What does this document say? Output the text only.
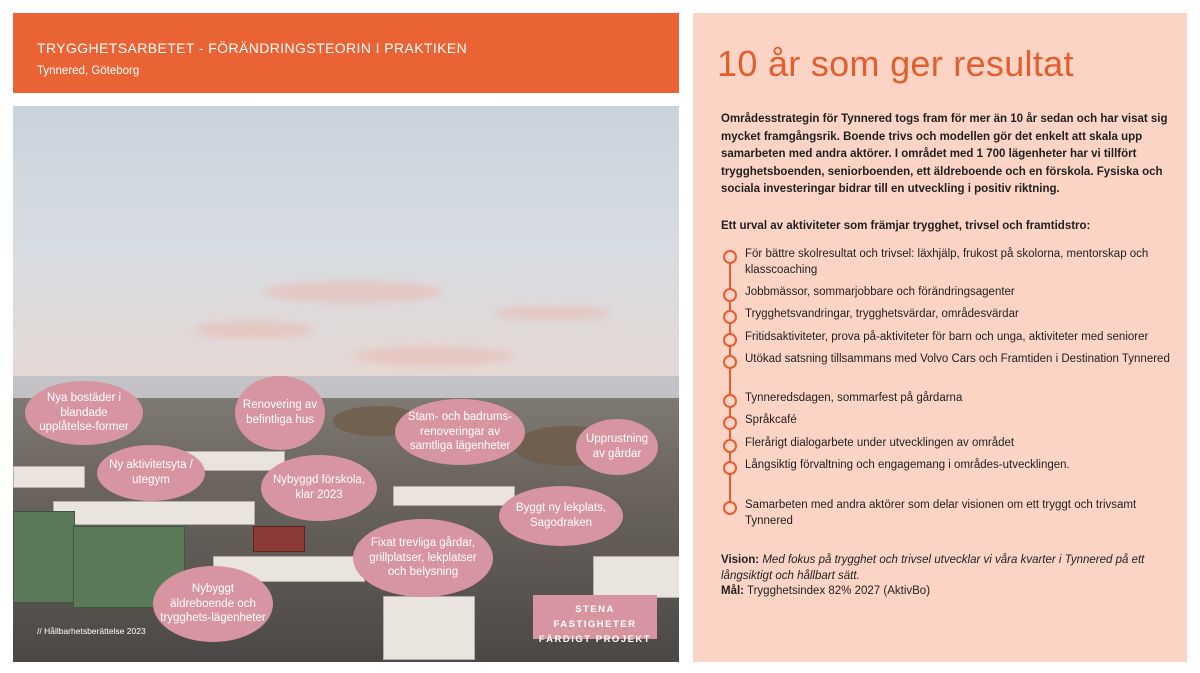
TRYGGHETSARBETET - FÖRÄNDRINGSTEORIN I PRAKTIKEN
Tynnered, Göteborg
Nya bostäder i blandade upplåtelse-former
Renovering av befintliga hus	Stam- och badrums-renoveringar av samtliga lägenheter
Upprustning av gårdar
Ny aktivitetsyta / utegym	Nybyggd förskola, klar 2023
Byggt ny lekplats, Sagodraken
Fixat trevliga gårdar, grillplatser, lekplatser och belysning
Nybyggt äldreboende och trygghets-lägenheter
// Hållbarhetsberättelse 2023
STENA FASTIGHETER
FÄRDIGT PROJEKT
10 år som ger resultat
Områdesstrategin för Tynnered togs fram för mer än 10 år sedan och har visat sig mycket framgångsrik. Boende trivs och modellen gör det enkelt att skala upp samarbeten med andra aktörer. I området med 1 700 lägenheter har vi tillfört trygghetsboenden, seniorboenden, ett äldreboende och en förskola. Fysiska och sociala investeringar bidrar till en utveckling i positiv riktning.
Ett urval av aktiviteter som främjar trygghet, trivsel och framtidstro:
För bättre skolresultat och trivsel: läxhjälp, frukost på skolorna, mentorskap och klasscoaching
Jobbmässor, sommarjobbare och förändringsagenter
Trygghetsvandringar, trygghetsvärdar, områdesvärdar
Fritidsaktiviteter, prova på-aktiviteter för barn och unga, aktiviteter med seniorer
Utökad satsning tillsammans med Volvo Cars och Framtiden i Destination Tynnered
Tynneredsdagen, sommarfest på gårdarna
Språkcafé
Flerårigt dialogarbete under utvecklingen av området
Långsiktig förvaltning och engagemang i områdes-utvecklingen.
Samarbeten med andra aktörer som delar visionen om ett tryggt och trivsamt Tynnered
Vision: Med fokus på trygghet och trivsel utvecklar vi våra kvarter i Tynnered på ett långsiktigt och hållbart sätt.
Mål: Trygghetsindex 82% 2027 (AktivBo)
